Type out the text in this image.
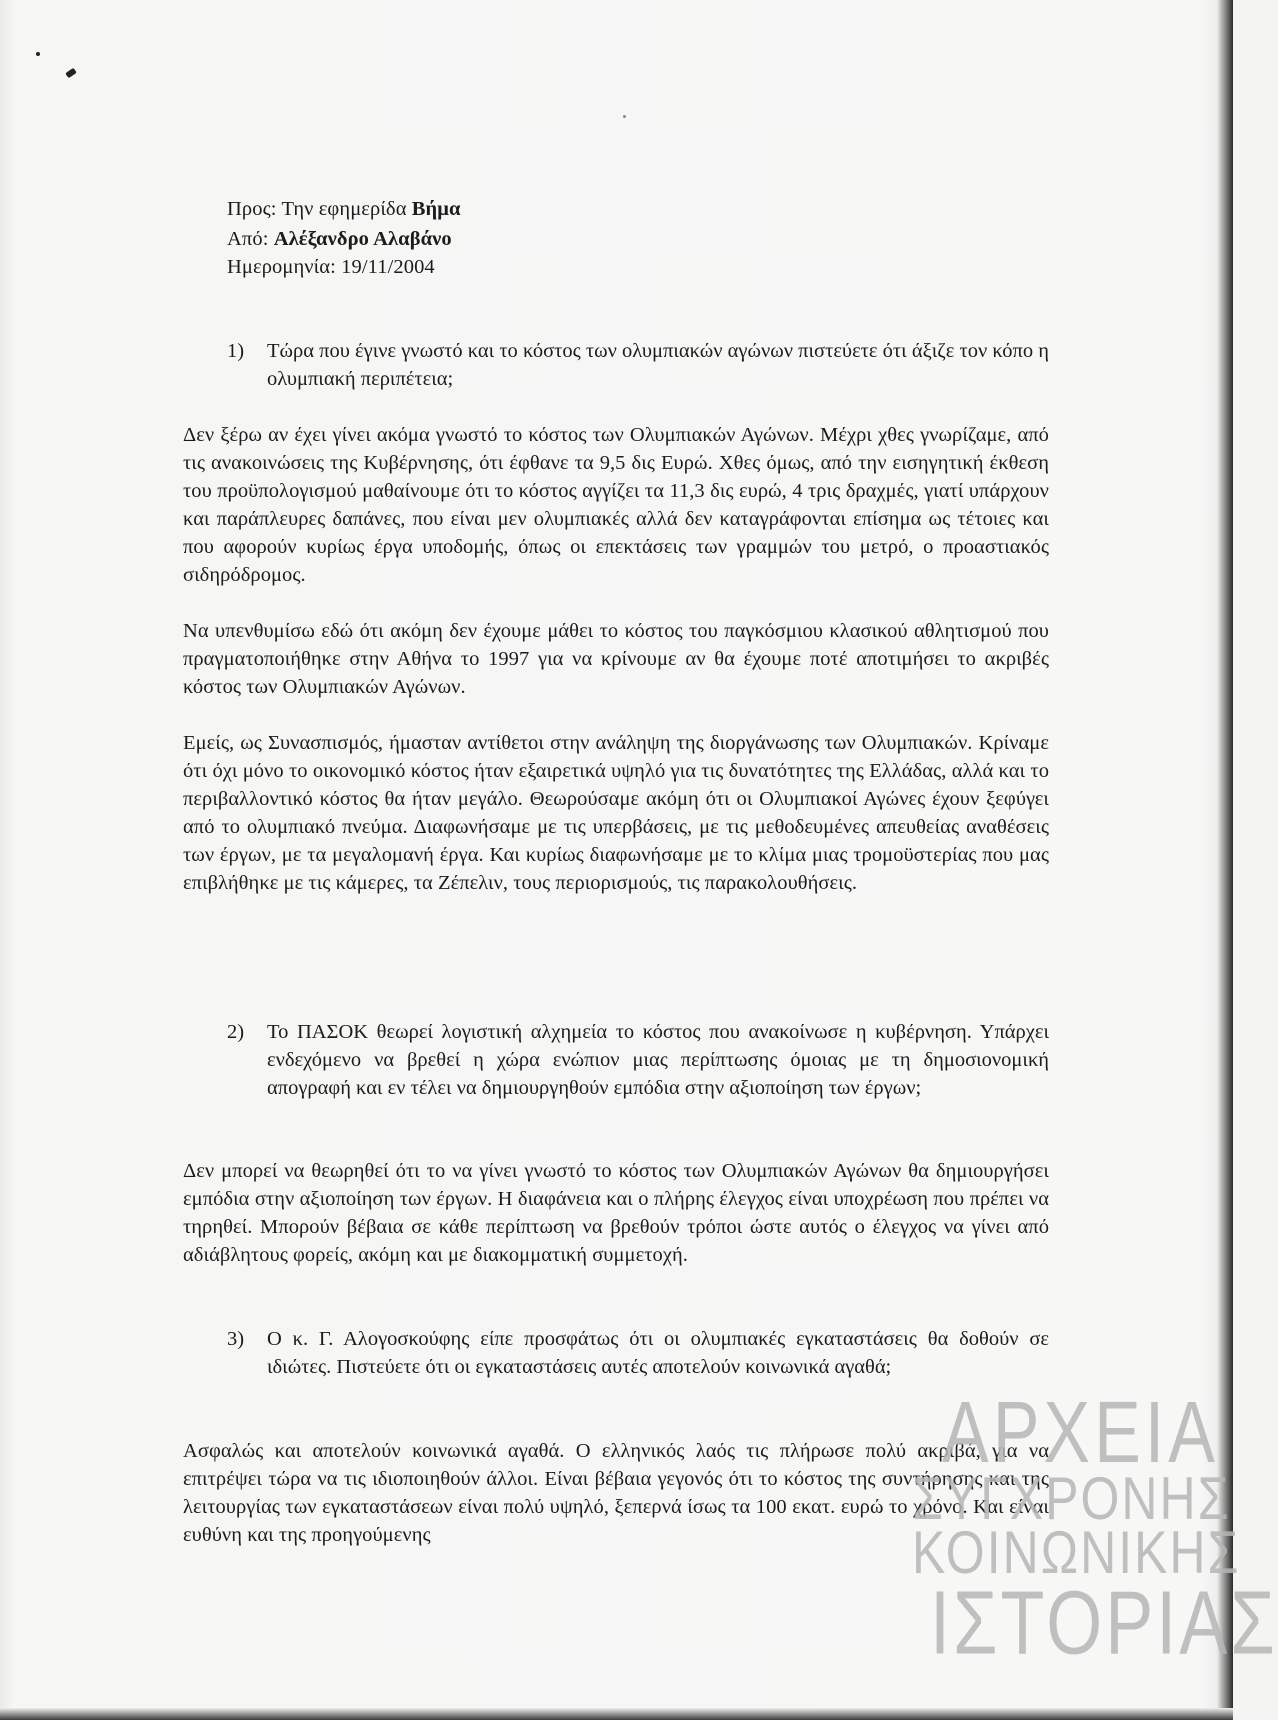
Προς: Την εφημερίδα Βήμα
Από: Αλέξανδρο Αλαβάνο
Ημερομηνία: 19/11/2004
1) Τώρα που έγινε γνωστό και το κόστος των ολυμπιακών αγώνων πιστεύετε ότι άξιζε τον κόπο η ολυμπιακή περιπέτεια;
Δεν ξέρω αν έχει γίνει ακόμα γνωστό το κόστος των Ολυμπιακών Αγώνων. Μέχρι χθες γνωρίζαμε, από τις ανακοινώσεις της Κυβέρνησης, ότι έφθανε τα 9,5 δις Ευρώ. Χθες όμως, από την εισηγητική έκθεση του προϋπολογισμού μαθαίνουμε ότι το κόστος αγγίζει τα 11,3 δις ευρώ, 4 τρις δραχμές, γιατί υπάρχουν και παράπλευρες δαπάνες, που είναι μεν ολυμπιακές αλλά δεν καταγράφονται επίσημα ως τέτοιες και που αφορούν κυρίως έργα υποδομής, όπως οι επεκτάσεις των γραμμών του μετρό, ο προαστιακός σιδηρόδρομος.
Να υπενθυμίσω εδώ ότι ακόμη δεν έχουμε μάθει το κόστος του παγκόσμιου κλασικού αθλητισμού που πραγματοποιήθηκε στην Αθήνα το 1997 για να κρίνουμε αν θα έχουμε ποτέ αποτιμήσει το ακριβές κόστος των Ολυμπιακών Αγώνων.
Εμείς, ως Συνασπισμός, ήμασταν αντίθετοι στην ανάληψη της διοργάνωσης των Ολυμπιακών. Κρίναμε ότι όχι μόνο το οικονομικό κόστος ήταν εξαιρετικά υψηλό για τις δυνατότητες της Ελλάδας, αλλά και το περιβαλλοντικό κόστος θα ήταν μεγάλο. Θεωρούσαμε ακόμη ότι οι Ολυμπιακοί Αγώνες έχουν ξεφύγει από το ολυμπιακό πνεύμα. Διαφωνήσαμε με τις υπερβάσεις, με τις μεθοδευμένες απευθείας αναθέσεις των έργων, με τα μεγαλομανή έργα. Και κυρίως διαφωνήσαμε με το κλίμα μιας τρομοϋστερίας που μας επιβλήθηκε με τις κάμερες, τα Ζέπελιν, τους περιορισμούς, τις παρακολουθήσεις.
2) Το ΠΑΣΟΚ θεωρεί λογιστική αλχημεία το κόστος που ανακοίνωσε η κυβέρνηση. Υπάρχει ενδεχόμενο να βρεθεί η χώρα ενώπιον μιας περίπτωσης όμοιας με τη δημοσιονομική απογραφή και εν τέλει να δημιουργηθούν εμπόδια στην αξιοποίηση των έργων;
Δεν μπορεί να θεωρηθεί ότι το να γίνει γνωστό το κόστος των Ολυμπιακών Αγώνων θα δημιουργήσει εμπόδια στην αξιοποίηση των έργων. Η διαφάνεια και ο πλήρης έλεγχος είναι υποχρέωση που πρέπει να τηρηθεί. Μπορούν βέβαια σε κάθε περίπτωση να βρεθούν τρόποι ώστε αυτός ο έλεγχος να γίνει από αδιάβλητους φορείς, ακόμη και με διακομματική συμμετοχή.
3) Ο κ. Γ. Αλογοσκούφης είπε προσφάτως ότι οι ολυμπιακές εγκαταστάσεις θα δοθούν σε ιδιώτες. Πιστεύετε ότι οι εγκαταστάσεις αυτές αποτελούν κοινωνικά αγαθά;
Ασφαλώς και αποτελούν κοινωνικά αγαθά. Ο ελληνικός λαός τις πλήρωσε πολύ ακριβά, για να επιτρέψει τώρα να τις ιδιοποιηθούν άλλοι. Είναι βέβαια γεγονός ότι το κόστος της συντήρησης και της λειτουργίας των εγκαταστάσεων είναι πολύ υψηλό, ξεπερνά ίσως τα 100 εκατ. ευρώ το χρόνο. Και είναι ευθύνη και της προηγούμενης
ΑΡΧΕΙΑ
ΣΥΓΧΡΟΝΗΣ
ΚΟΙΝΩΝΙΚΗΣ
ΙΣΤΟΡΙΑΣ
